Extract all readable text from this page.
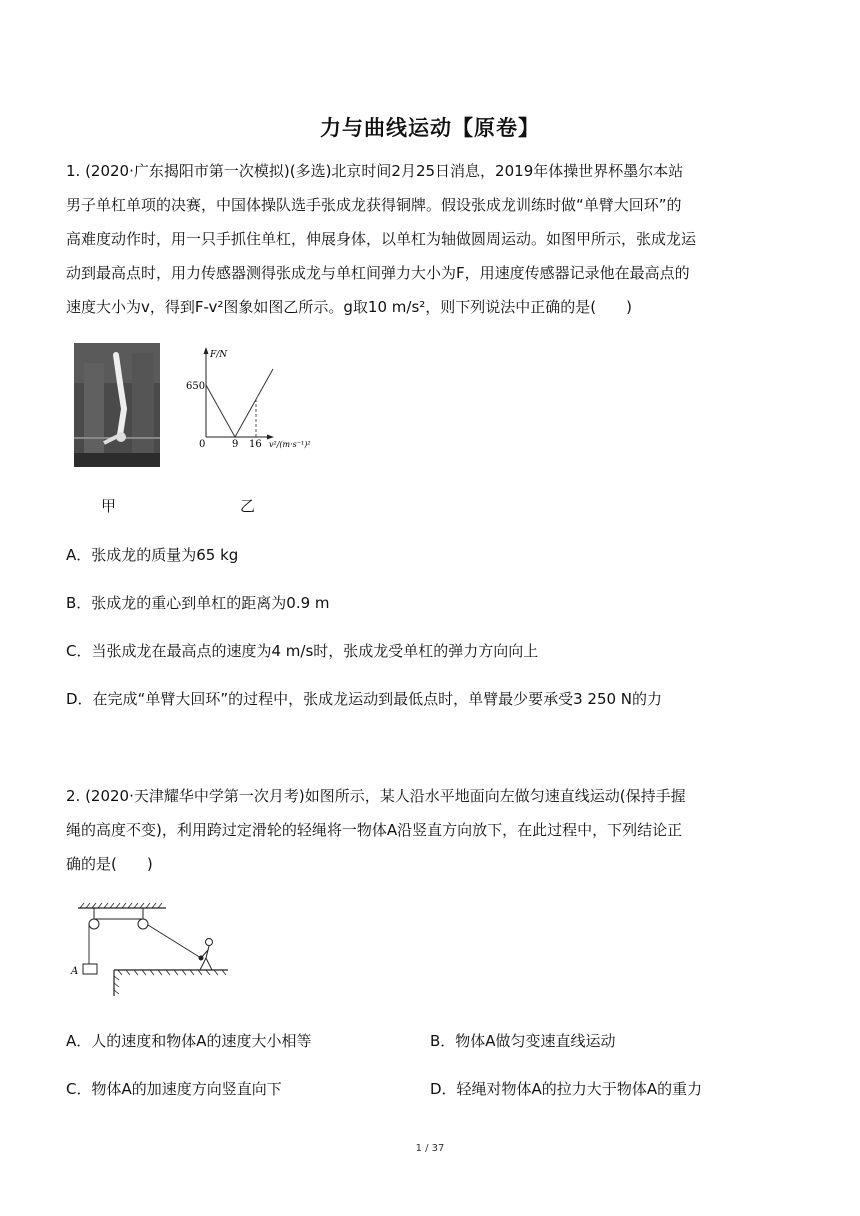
力与曲线运动【原卷】
1. (2020·广东揭阳市第一次模拟)(多选)北京时间2月25日消息，2019年体操世界杯墨尔本站
男子单杠单项的决赛，中国体操队选手张成龙获得铜牌。假设张成龙训练时做“单臂大回环”的
高难度动作时，用一只手抓住单杠，伸展身体，以单杠为轴做圆周运动。如图甲所示，张成龙运
动到最高点时，用力传感器测得张成龙与单杠间弹力大小为F，用速度传感器记录他在最高点的
速度大小为v，得到F-v²图象如图乙所示。g取10 m/s²，则下列说法中正确的是(　　)
F/N
650
0	9 16 v²/(m·s⁻¹)²
甲	乙
A．张成龙的质量为65 kg
B．张成龙的重心到单杠的距离为0.9 m
C．当张成龙在最高点的速度为4 m/s时，张成龙受单杠的弹力方向向上
D．在完成“单臂大回环”的过程中，张成龙运动到最低点时，单臂最少要承受3 250 N的力
2. (2020·天津耀华中学第一次月考)如图所示，某人沿水平地面向左做匀速直线运动(保持手握
绳的高度不变)，利用跨过定滑轮的轻绳将一物体A沿竖直方向放下，在此过程中，下列结论正
确的是(　　)
A
A．人的速度和物体A的速度大小相等	B．物体A做匀变速直线运动
C．物体A的加速度方向竖直向下	D．轻绳对物体A的拉力大于物体A的重力
1 / 37
